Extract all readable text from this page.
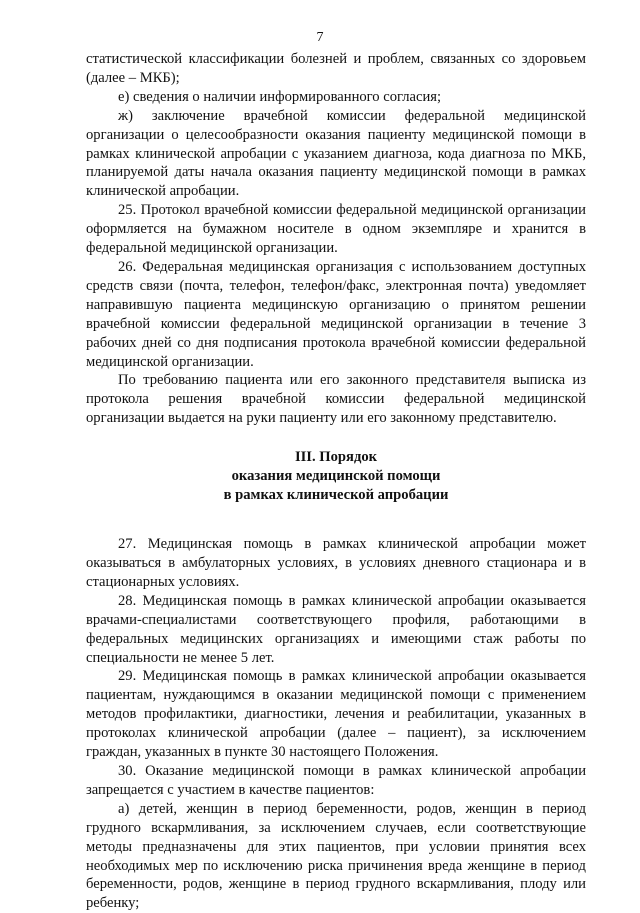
7

статистической классификации болезней и проблем, связанных со здоровьем (далее – МКБ);

е) сведения о наличии информированного согласия;

ж) заключение врачебной комиссии федеральной медицинской организации о целесообразности оказания пациенту медицинской помощи в рамках клинической апробации с указанием диагноза, кода диагноза по МКБ, планируемой даты начала оказания пациенту медицинской помощи в рамках клинической апробации.

25. Протокол врачебной комиссии федеральной медицинской организации оформляется на бумажном носителе в одном экземпляре и хранится в федеральной медицинской организации.

26. Федеральная медицинская организация с использованием доступных средств связи (почта, телефон, телефон/факс, электронная почта) уведомляет направившую пациента медицинскую организацию о принятом решении врачебной комиссии федеральной медицинской организации в течение 3 рабочих дней со дня подписания протокола врачебной комиссии федеральной медицинской организации.

По требованию пациента или его законного представителя выписка из протокола решения врачебной комиссии федеральной медицинской организации выдается на руки пациенту или его законному представителю.

III. Порядок
оказания медицинской помощи
в рамках клинической апробации

27. Медицинская помощь в рамках клинической апробации может оказываться в амбулаторных условиях, в условиях дневного стационара и в стационарных условиях.

28. Медицинская помощь в рамках клинической апробации оказывается врачами-специалистами соответствующего профиля, работающими в федеральных медицинских организациях и имеющими стаж работы по специальности не менее 5 лет.

29. Медицинская помощь в рамках клинической апробации оказывается пациентам, нуждающимся в оказании медицинской помощи с применением методов профилактики, диагностики, лечения и реабилитации, указанных в протоколах клинической апробации (далее – пациент), за исключением граждан, указанных в пункте 30 настоящего Положения.

30. Оказание медицинской помощи в рамках клинической апробации запрещается с участием в качестве пациентов:

а) детей, женщин в период беременности, родов, женщин в период грудного вскармливания, за исключением случаев, если соответствующие методы предназначены для этих пациентов, при условии принятия всех необходимых мер по исключению риска причинения вреда женщине в период беременности, родов, женщине в период грудного вскармливания, плоду или ребенку;
